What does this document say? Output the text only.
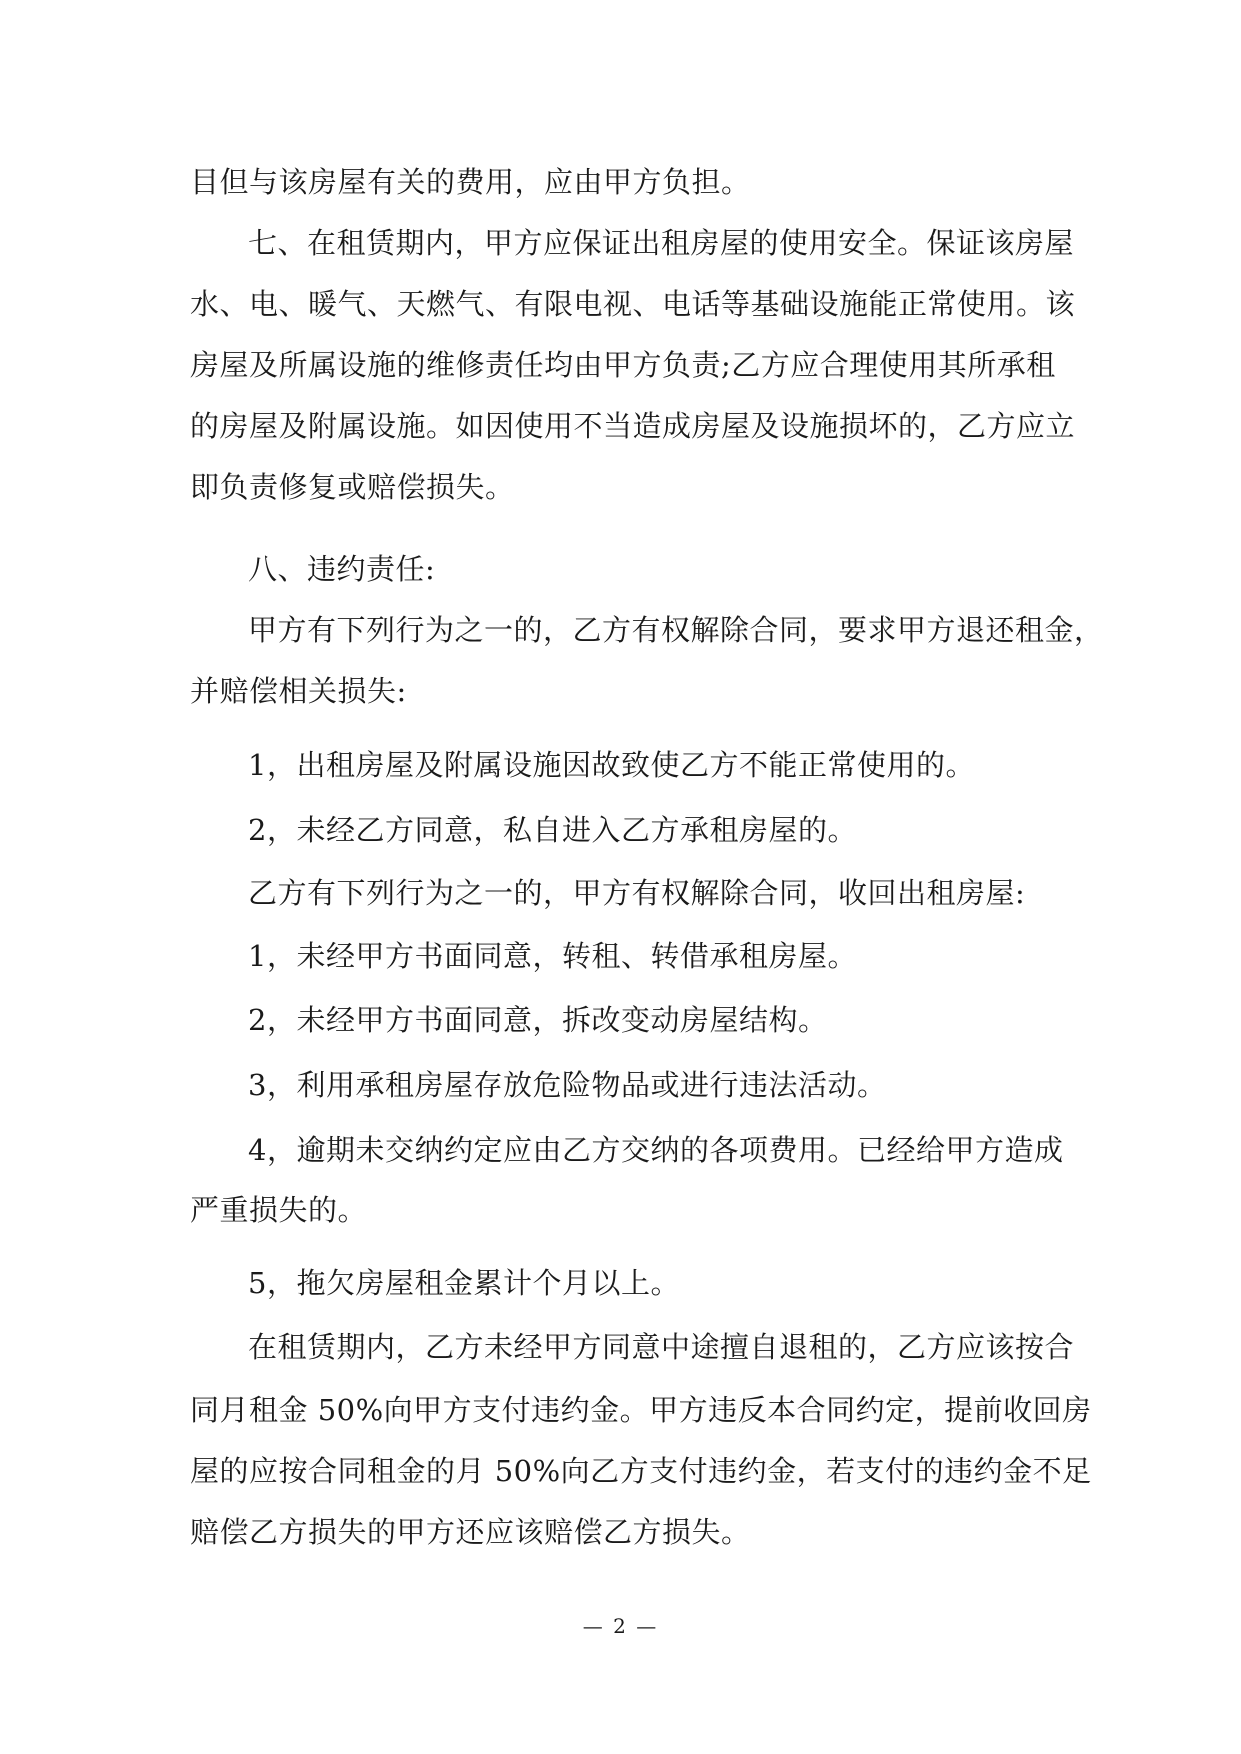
目但与该房屋有关的费用，应由甲方负担。
七、在租赁期内，甲方应保证出租房屋的使用安全。保证该房屋
水、电、暖气、天燃气、有限电视、电话等基础设施能正常使用。该
房屋及所属设施的维修责任均由甲方负责;乙方应合理使用其所承租
的房屋及附属设施。如因使用不当造成房屋及设施损坏的，乙方应立
即负责修复或赔偿损失。
八、违约责任:
甲方有下列行为之一的，乙方有权解除合同，要求甲方退还租金，
并赔偿相关损失:
1，出租房屋及附属设施因故致使乙方不能正常使用的。
2，未经乙方同意，私自进入乙方承租房屋的。
乙方有下列行为之一的，甲方有权解除合同，收回出租房屋:
1，未经甲方书面同意，转租、转借承租房屋。
2，未经甲方书面同意，拆改变动房屋结构。
3，利用承租房屋存放危险物品或进行违法活动。
4，逾期未交纳约定应由乙方交纳的各项费用。已经给甲方造成
严重损失的。
5，拖欠房屋租金累计个月以上。
在租赁期内，乙方未经甲方同意中途擅自退租的，乙方应该按合
同月租金 50%向甲方支付违约金。甲方违反本合同约定，提前收回房
屋的应按合同租金的月 50%向乙方支付违约金，若支付的违约金不足
赔偿乙方损失的甲方还应该赔偿乙方损失。
— 2 —
